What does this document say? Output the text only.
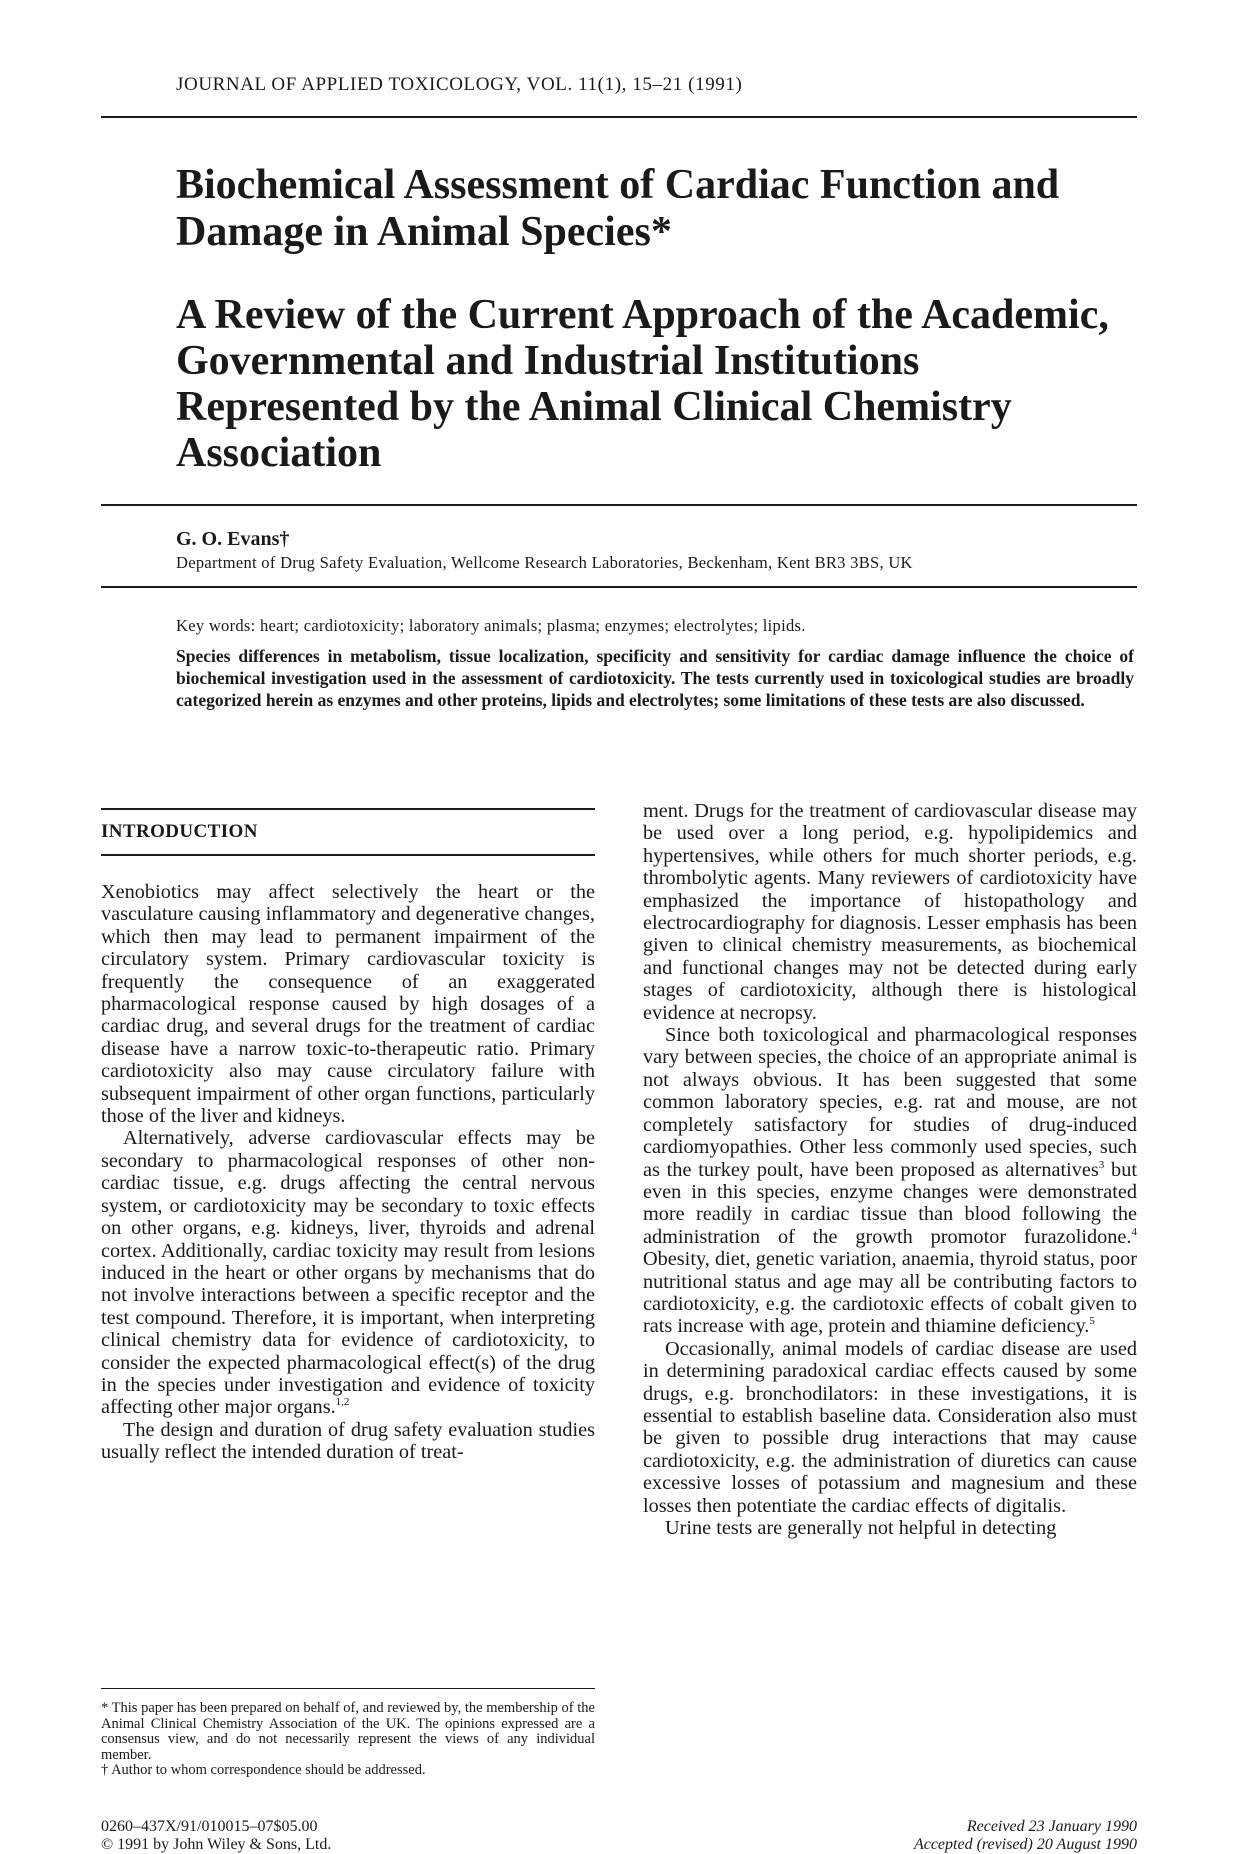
JOURNAL OF APPLIED TOXICOLOGY, VOL. 11(1), 15–21 (1991)
Biochemical Assessment of Cardiac Function and Damage in Animal Species*
A Review of the Current Approach of the Academic, Governmental and Industrial Institutions Represented by the Animal Clinical Chemistry Association
G. O. Evans†
Department of Drug Safety Evaluation, Wellcome Research Laboratories, Beckenham, Kent BR3 3BS, UK
Key words: heart; cardiotoxicity; laboratory animals; plasma; enzymes; electrolytes; lipids.

Species differences in metabolism, tissue localization, specificity and sensitivity for cardiac damage influence the choice of biochemical investigation used in the assessment of cardiotoxicity. The tests currently used in toxicological studies are broadly categorized herein as enzymes and other proteins, lipids and electrolytes; some limitations of these tests are also discussed.

INTRODUCTION

Xenobiotics may affect selectively the heart or the vasculature causing inflammatory and degenerative changes, which then may lead to permanent impairment of the circulatory system. Primary cardiovascular toxicity is frequently the consequence of an exaggerated pharmacological response caused by high dosages of a cardiac drug, and several drugs for the treatment of cardiac disease have a narrow toxic-to-therapeutic ratio. Primary cardiotoxicity also may cause circulatory failure with subsequent impairment of other organ functions, particularly those of the liver and kidneys.

Alternatively, adverse cardiovascular effects may be secondary to pharmacological responses of other non-cardiac tissue, e.g. drugs affecting the central nervous system, or cardiotoxicity may be secondary to toxic effects on other organs, e.g. kidneys, liver, thyroids and adrenal cortex. Additionally, cardiac toxicity may result from lesions induced in the heart or other organs by mechanisms that do not involve interactions between a specific receptor and the test compound. Therefore, it is important, when interpreting clinical chemistry data for evidence of cardiotoxicity, to consider the expected pharmacological effect(s) of the drug in the species under investigation and evidence of toxicity affecting other major organs.$^{1,2}$

The design and duration of drug safety evaluation studies usually reflect the intended duration of treat-

* This paper has been prepared on behalf of, and reviewed by, the membership of the Animal Clinical Chemistry Association of the UK. The opinions expressed are a consensus view, and do not necessarily represent the views of any individual member.

† Author to whom correspondence should be addressed.

ment. Drugs for the treatment of cardiovascular disease may be used over a long period, e.g. hypolipidemics and hypertensives, while others for much shorter periods, e.g. thrombolytic agents. Many reviewers of cardiotoxicity have emphasized the importance of histopathology and electrocardiography for diagnosis. Lesser emphasis has been given to clinical chemistry measurements, as biochemical and functional changes may not be detected during early stages of cardiotoxicity, although there is histological evidence at necropsy.

Since both toxicological and pharmacological responses vary between species, the choice of an appropriate animal is not always obvious. It has been suggested that some common laboratory species, e.g. rat and mouse, are not completely satisfactory for studies of drug-induced cardiomyopathies. Other less commonly used species, such as the turkey poult, have been proposed as alternatives$^3$ but even in this species, enzyme changes were demonstrated more readily in cardiac tissue than blood following the administration of the growth promotor furazolidone.$^4$ Obesity, diet, genetic variation, anaemia, thyroid status, poor nutritional status and age may all be contributing factors to cardiotoxicity, e.g. the cardiotoxic effects of cobalt given to rats increase with age, protein and thiamine deficiency.$^5$

Occasionally, animal models of cardiac disease are used in determining paradoxical cardiac effects caused by some drugs, e.g. bronchodilators: in these investigations, it is essential to establish baseline data. Consideration also must be given to possible drug interactions that may cause cardiotoxicity, e.g. the administration of diuretics can cause excessive losses of potassium and magnesium and these losses then potentiate the cardiac effects of digitalis.

Urine tests are generally not helpful in detecting

0260–437X/91/010015–07$05.00
© 1991 by John Wiley & Sons, Ltd.
Received 23 January 1990
Accepted (revised) 20 August 1990
